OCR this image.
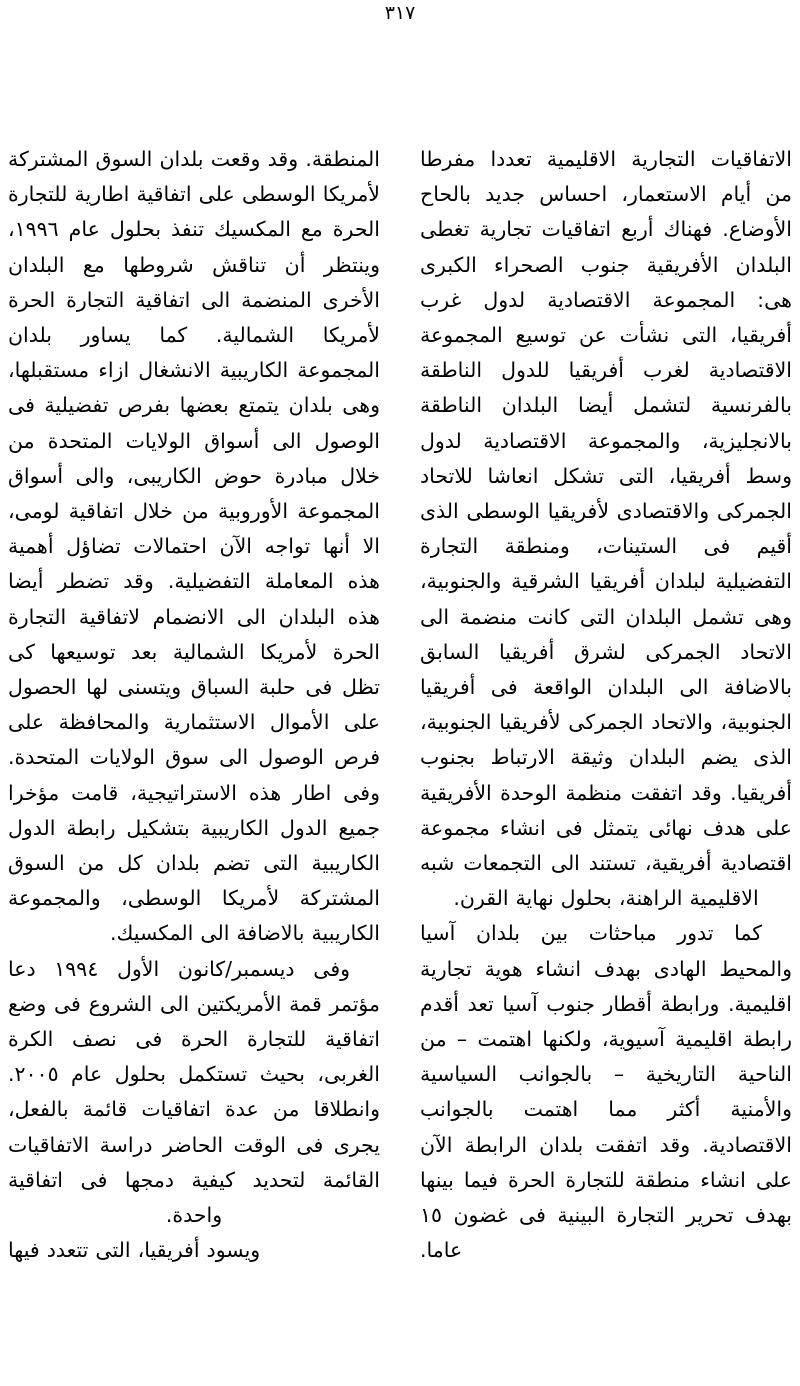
٣١٧

المنطقة. وقد وقعت بلدان السوق المشتركة لأمريكا الوسطى على اتفاقية اطارية للتجارة الحرة مع المكسيك تنفذ بحلول عام ١٩٩٦، وينتظر أن تناقش شروطها مع البلدان الأخرى المنضمة الى اتفاقية التجارة الحرة لأمريكا الشمالية. كما يساور بلدان المجموعة الكاريبية الانشغال ازاء مستقبلها، وهى بلدان يتمتع بعضها بفرص تفضيلية فى الوصول الى أسواق الولايات المتحدة من خلال مبادرة حوض الكاريبى، والى أسواق المجموعة الأوروبية من خلال اتفاقية لومى، الا أنها تواجه الآن احتمالات تضاؤل أهمية هذه المعاملة التفضيلية. وقد تضطر أيضا هذه البلدان الى الانضمام لاتفاقية التجارة الحرة لأمريكا الشمالية بعد توسيعها كى تظل فى حلبة السباق ويتسنى لها الحصول على الأموال الاستثمارية والمحافظة على فرص الوصول الى سوق الولايات المتحدة. وفى اطار هذه الاستراتيجية، قامت مؤخرا جميع الدول الكاريبية بتشكيل رابطة الدول الكاريبية التى تضم بلدان كل من السوق المشتركة لأمريكا الوسطى، والمجموعة الكاريبية بالاضافة الى المكسيك.

وفى ديسمبر/كانون الأول ١٩٩٤ دعا مؤتمر قمة الأمريكتين الى الشروع فى وضع اتفاقية للتجارة الحرة فى نصف الكرة الغربى، بحيث تستكمل بحلول عام ٢٠٠٥. وانطلاقا من عدة اتفاقيات قائمة بالفعل، يجرى فى الوقت الحاضر دراسة الاتفاقيات القائمة لتحديد كيفية دمجها فى اتفاقية واحدة.

ويسود أفريقيا، التى تتعدد فيها

الاتفاقيات التجارية الاقليمية تعددا مفرطا من أيام الاستعمار، احساس جديد بالحاح الأوضاع. فهناك أربع اتفاقيات تجارية تغطى البلدان الأفريقية جنوب الصحراء الكبرى هى: المجموعة الاقتصادية لدول غرب أفريقيا، التى نشأت عن توسيع المجموعة الاقتصادية لغرب أفريقيا للدول الناطقة بالفرنسية لتشمل أيضا البلدان الناطقة بالانجليزية، والمجموعة الاقتصادية لدول وسط أفريقيا، التى تشكل انعاشا للاتحاد الجمركى والاقتصادى لأفريقيا الوسطى الذى أقيم فى الستينات، ومنطقة التجارة التفضيلية لبلدان أفريقيا الشرقية والجنوبية، وهى تشمل البلدان التى كانت منضمة الى الاتحاد الجمركى لشرق أفريقيا السابق بالاضافة الى البلدان الواقعة فى أفريقيا الجنوبية، والاتحاد الجمركى لأفريقيا الجنوبية، الذى يضم البلدان وثيقة الارتباط بجنوب أفريقيا. وقد اتفقت منظمة الوحدة الأفريقية على هدف نهائى يتمثل فى انشاء مجموعة اقتصادية أفريقية، تستند الى التجمعات شبه الاقليمية الراهنة، بحلول نهاية القرن.

كما تدور مباحثات بين بلدان آسيا والمحيط الهادى بهدف انشاء هوية تجارية اقليمية. ورابطة أقطار جنوب آسيا تعد أقدم رابطة اقليمية آسيوية، ولكنها اهتمت – من الناحية التاريخية – بالجوانب السياسية والأمنية أكثر مما اهتمت بالجوانب الاقتصادية. وقد اتفقت بلدان الرابطة الآن على انشاء منطقة للتجارة الحرة فيما بينها بهدف تحرير التجارة البينية فى غضون ١٥ عاما.
